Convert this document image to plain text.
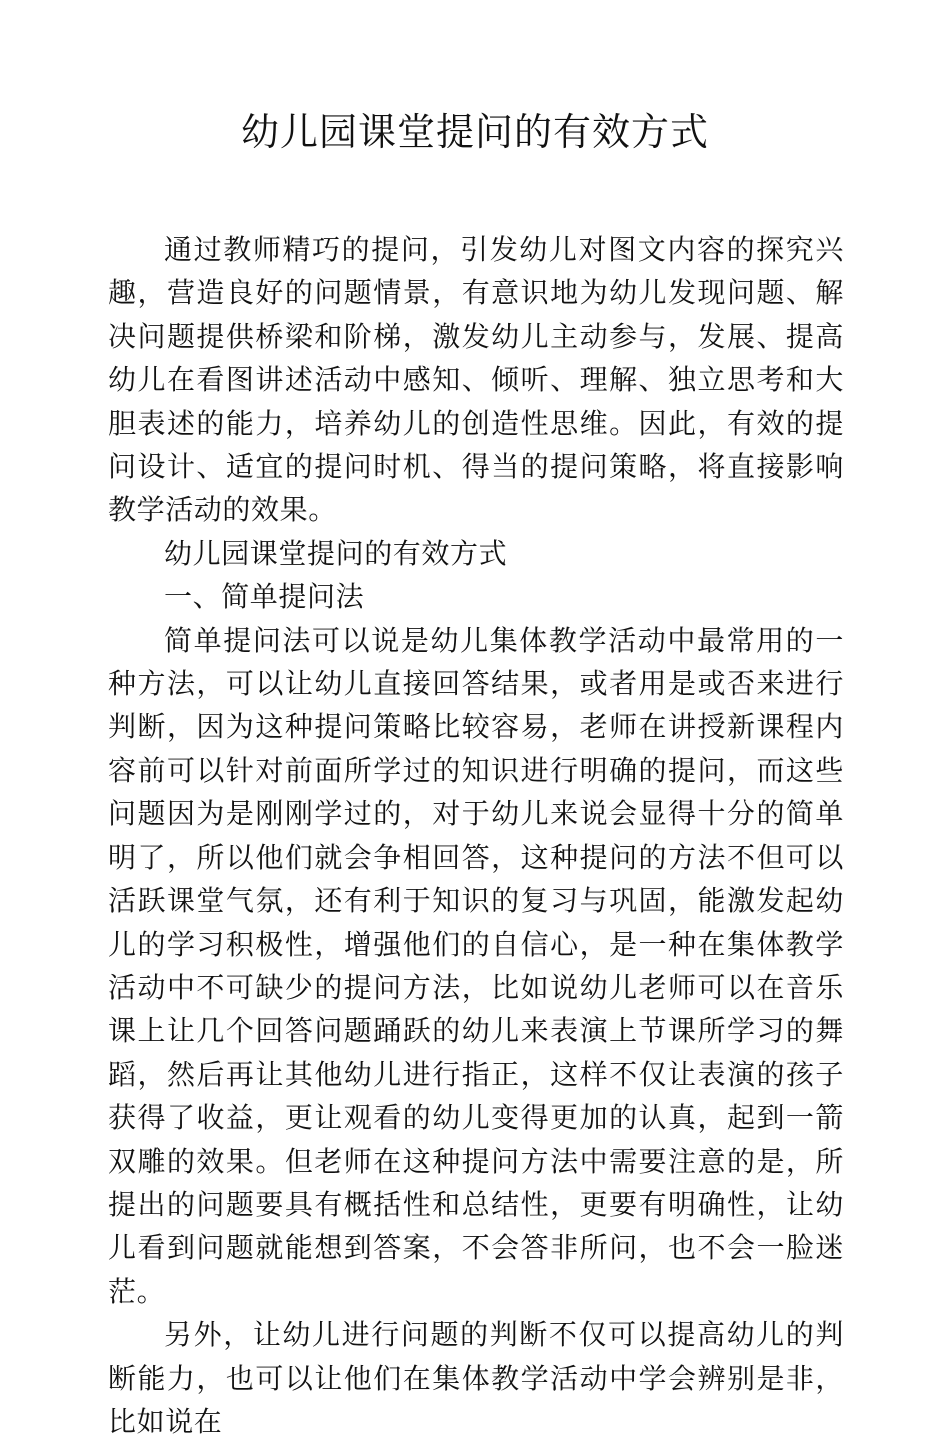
幼儿园课堂提问的有效方式

通过教师精巧的提问，引发幼儿对图文内容的探究兴趣，营造良好的问题情景，有意识地为幼儿发现问题、解决问题提供桥梁和阶梯，激发幼儿主动参与，发展、提高幼儿在看图讲述活动中感知、倾听、理解、独立思考和大胆表述的能力，培养幼儿的创造性思维。因此，有效的提问设计、适宜的提问时机、得当的提问策略，将直接影响教学活动的效果。

幼儿园课堂提问的有效方式

一、简单提问法

简单提问法可以说是幼儿集体教学活动中最常用的一种方法，可以让幼儿直接回答结果，或者用是或否来进行判断，因为这种提问策略比较容易，老师在讲授新课程内容前可以针对前面所学过的知识进行明确的提问，而这些问题因为是刚刚学过的，对于幼儿来说会显得十分的简单明了，所以他们就会争相回答，这种提问的方法不但可以活跃课堂气氛，还有利于知识的复习与巩固，能激发起幼儿的学习积极性，增强他们的自信心，是一种在集体教学活动中不可缺少的提问方法，比如说幼儿老师可以在音乐课上让几个回答问题踊跃的幼儿来表演上节课所学习的舞蹈，然后再让其他幼儿进行指正，这样不仅让表演的孩子获得了收益，更让观看的幼儿变得更加的认真，起到一箭双雕的效果。但老师在这种提问方法中需要注意的是，所提出的问题要具有概括性和总结性，更要有明确性，让幼儿看到问题就能想到答案，不会答非所问，也不会一脸迷茫。

另外，让幼儿进行问题的判断不仅可以提高幼儿的判断能力，也可以让他们在集体教学活动中学会辨别是非，比如说在
